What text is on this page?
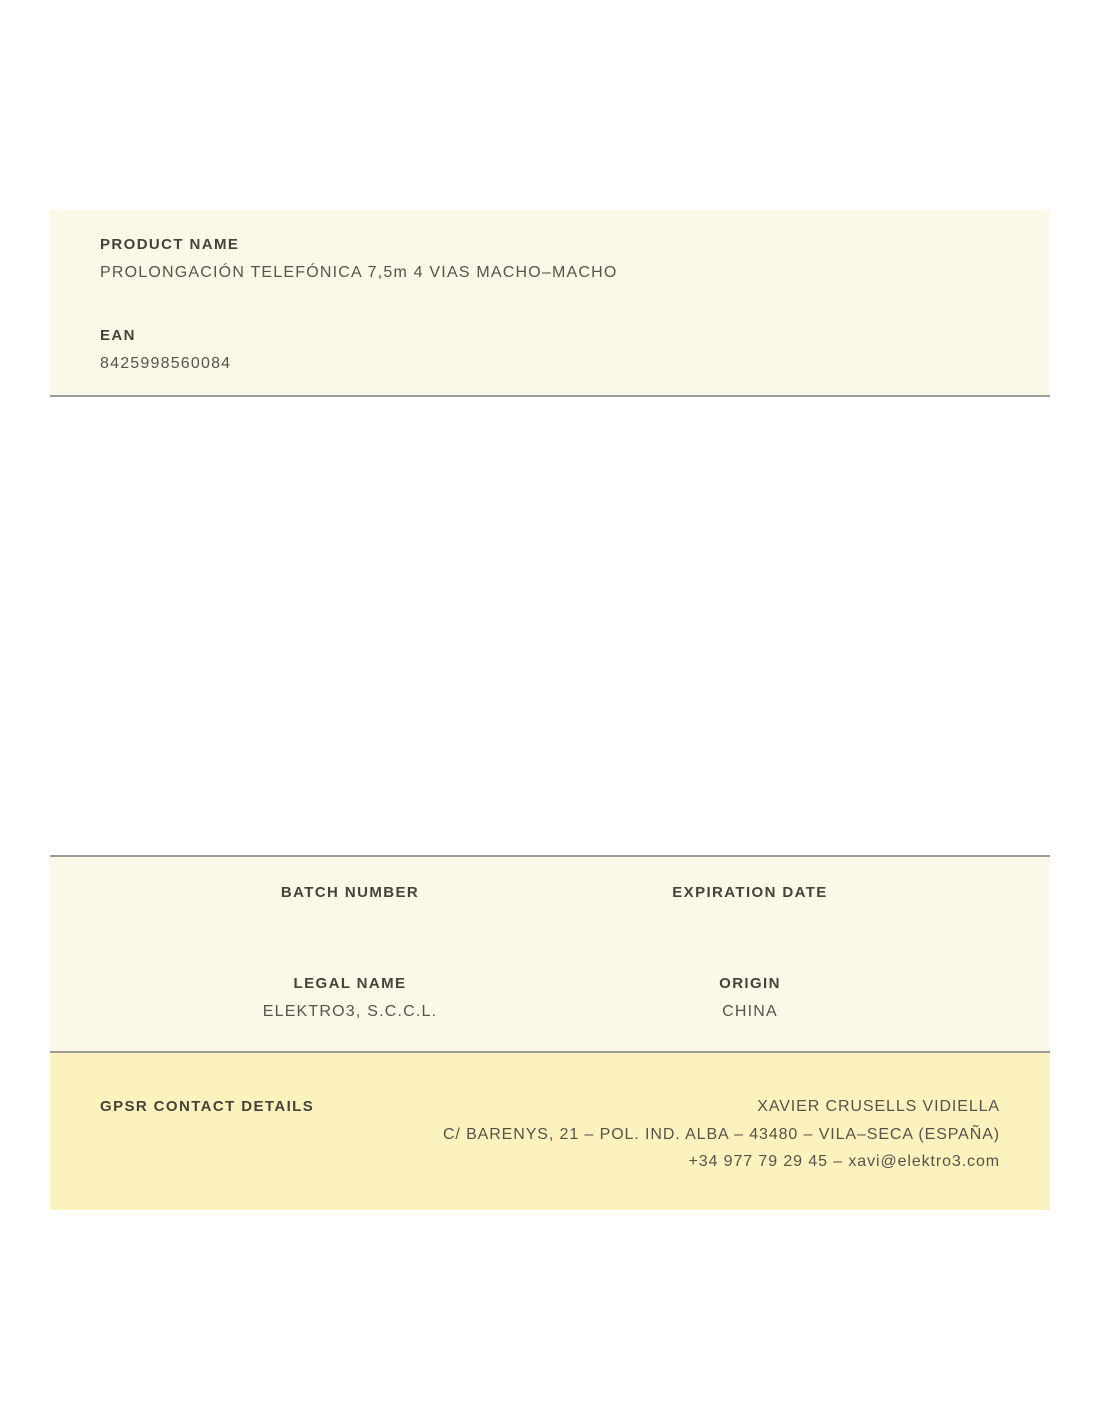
PRODUCT NAME
PROLONGACIÓN TELEFÓNICA 7,5m 4 VIAS MACHO–MACHO
EAN
8425998560084
BATCH NUMBER	EXPIRATION DATE
LEGAL NAME
ELEKTRO3, S.C.C.L.
ORIGIN
CHINA
GPSR CONTACT DETAILS	XAVIER CRUSELLS VIDIELLA
C/ BARENYS, 21 – POL. IND. ALBA – 43480 – VILA–SECA (ESPAÑA)
+34 977 79 29 45 – xavi@elektro3.com
